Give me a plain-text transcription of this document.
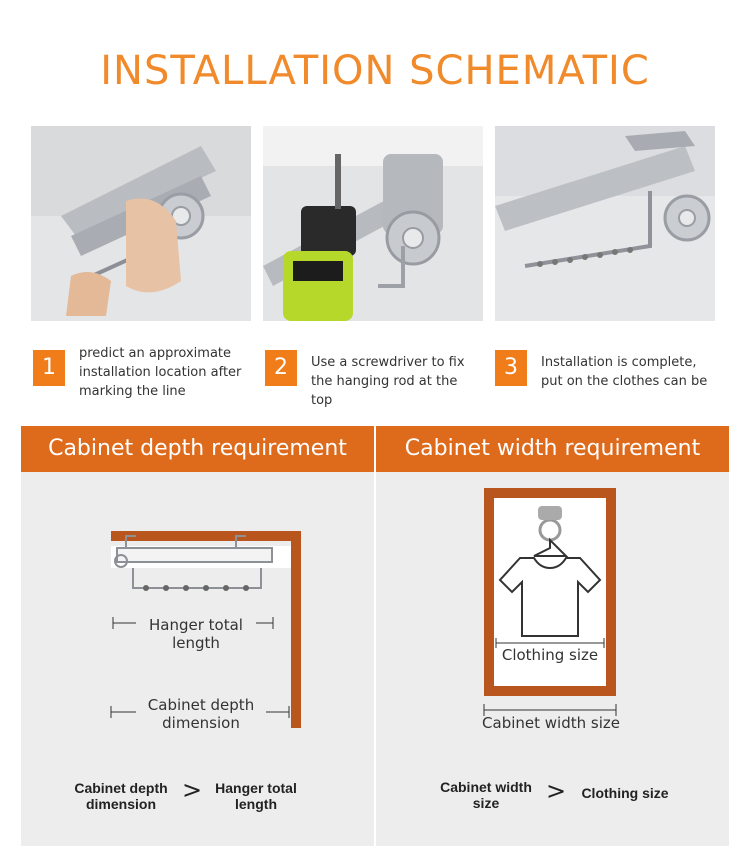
INSTALLATION SCHEMATIC
1
predict an approximate installation location after marking the line
2	Use a screwdriver to fix the hanging rod at the top
3	Installation is complete, put on the clothes can be
Cabinet depth requirement
Hanger total length
Cabinet depth dimension
Cabinet depth dimension	> Hanger total length
Cabinet width requirement
Clothing size
Cabinet width size
Cabinet width size	>	Clothing size
